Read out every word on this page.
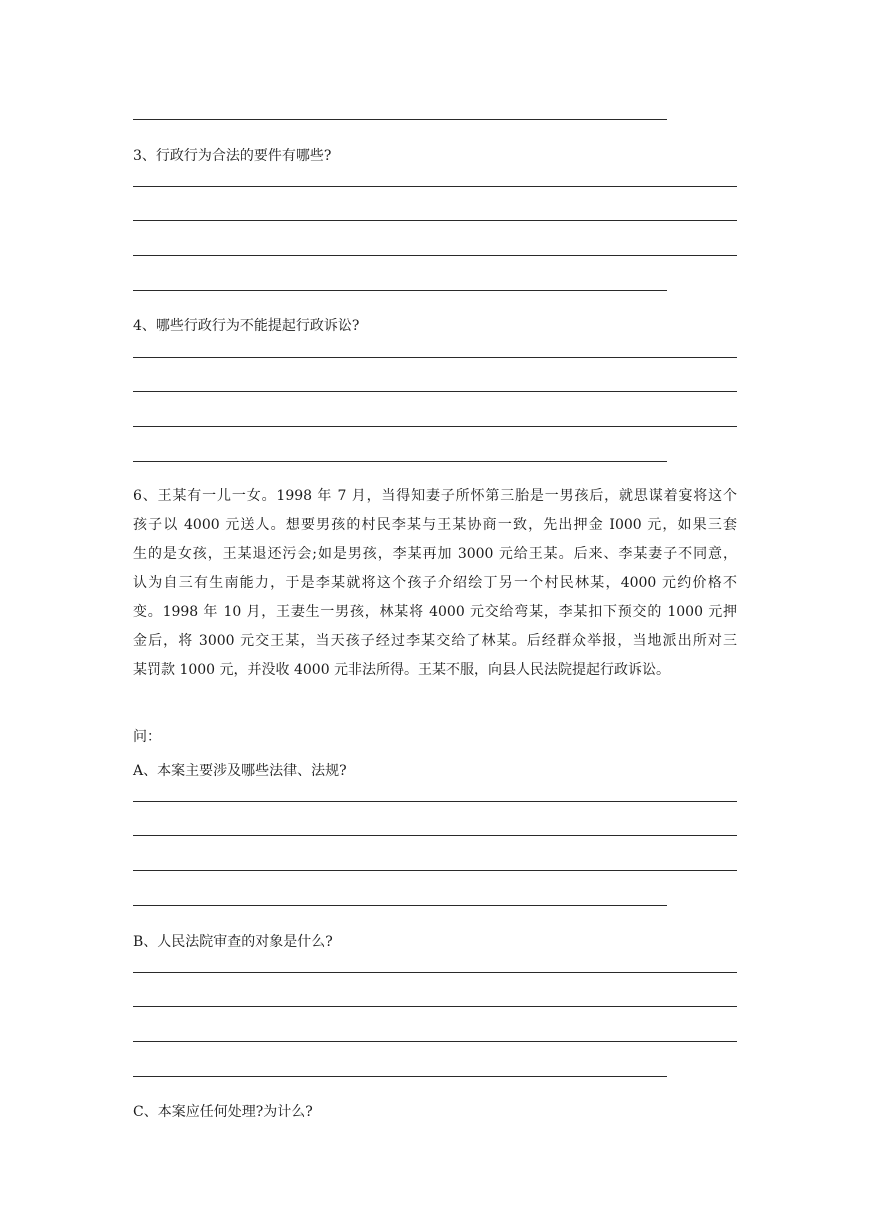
3、行政行为合法的要件有哪些?
4、哪些行政行为不能提起行政诉讼?
6、王某有一儿一女。1998 年 7 月，当得知妻子所怀第三胎是一男孩后，就思谋着宴将这个
孩子以 4000 元送人。想要男孩的村民李某与王某协商一致，先出押金 I000 元，如果三套
生的是女孩，王某退还污会;如是男孩，李某再加 3000 元给王某。后来、李某妻子不同意，
认为自三有生南能力，于是李某就将这个孩子介绍绘丁另一个村民林某，4000 元约价格不
变。1998 年 10 月，王妻生一男孩，林某将 4000 元交给弯某，李某扣下预交的 1000 元押
金后，将 3000 元交王某，当天孩子经过李某交给了林某。后经群众举报，当地派出所对三
某罚款 1000 元，并没收 4000 元非法所得。王某不服，向县人民法院提起行政诉讼。
问：
A、本案主要涉及哪些法律、法规?
B、人民法院审查的对象是什么?
C、本案应任何处理?为计么?
